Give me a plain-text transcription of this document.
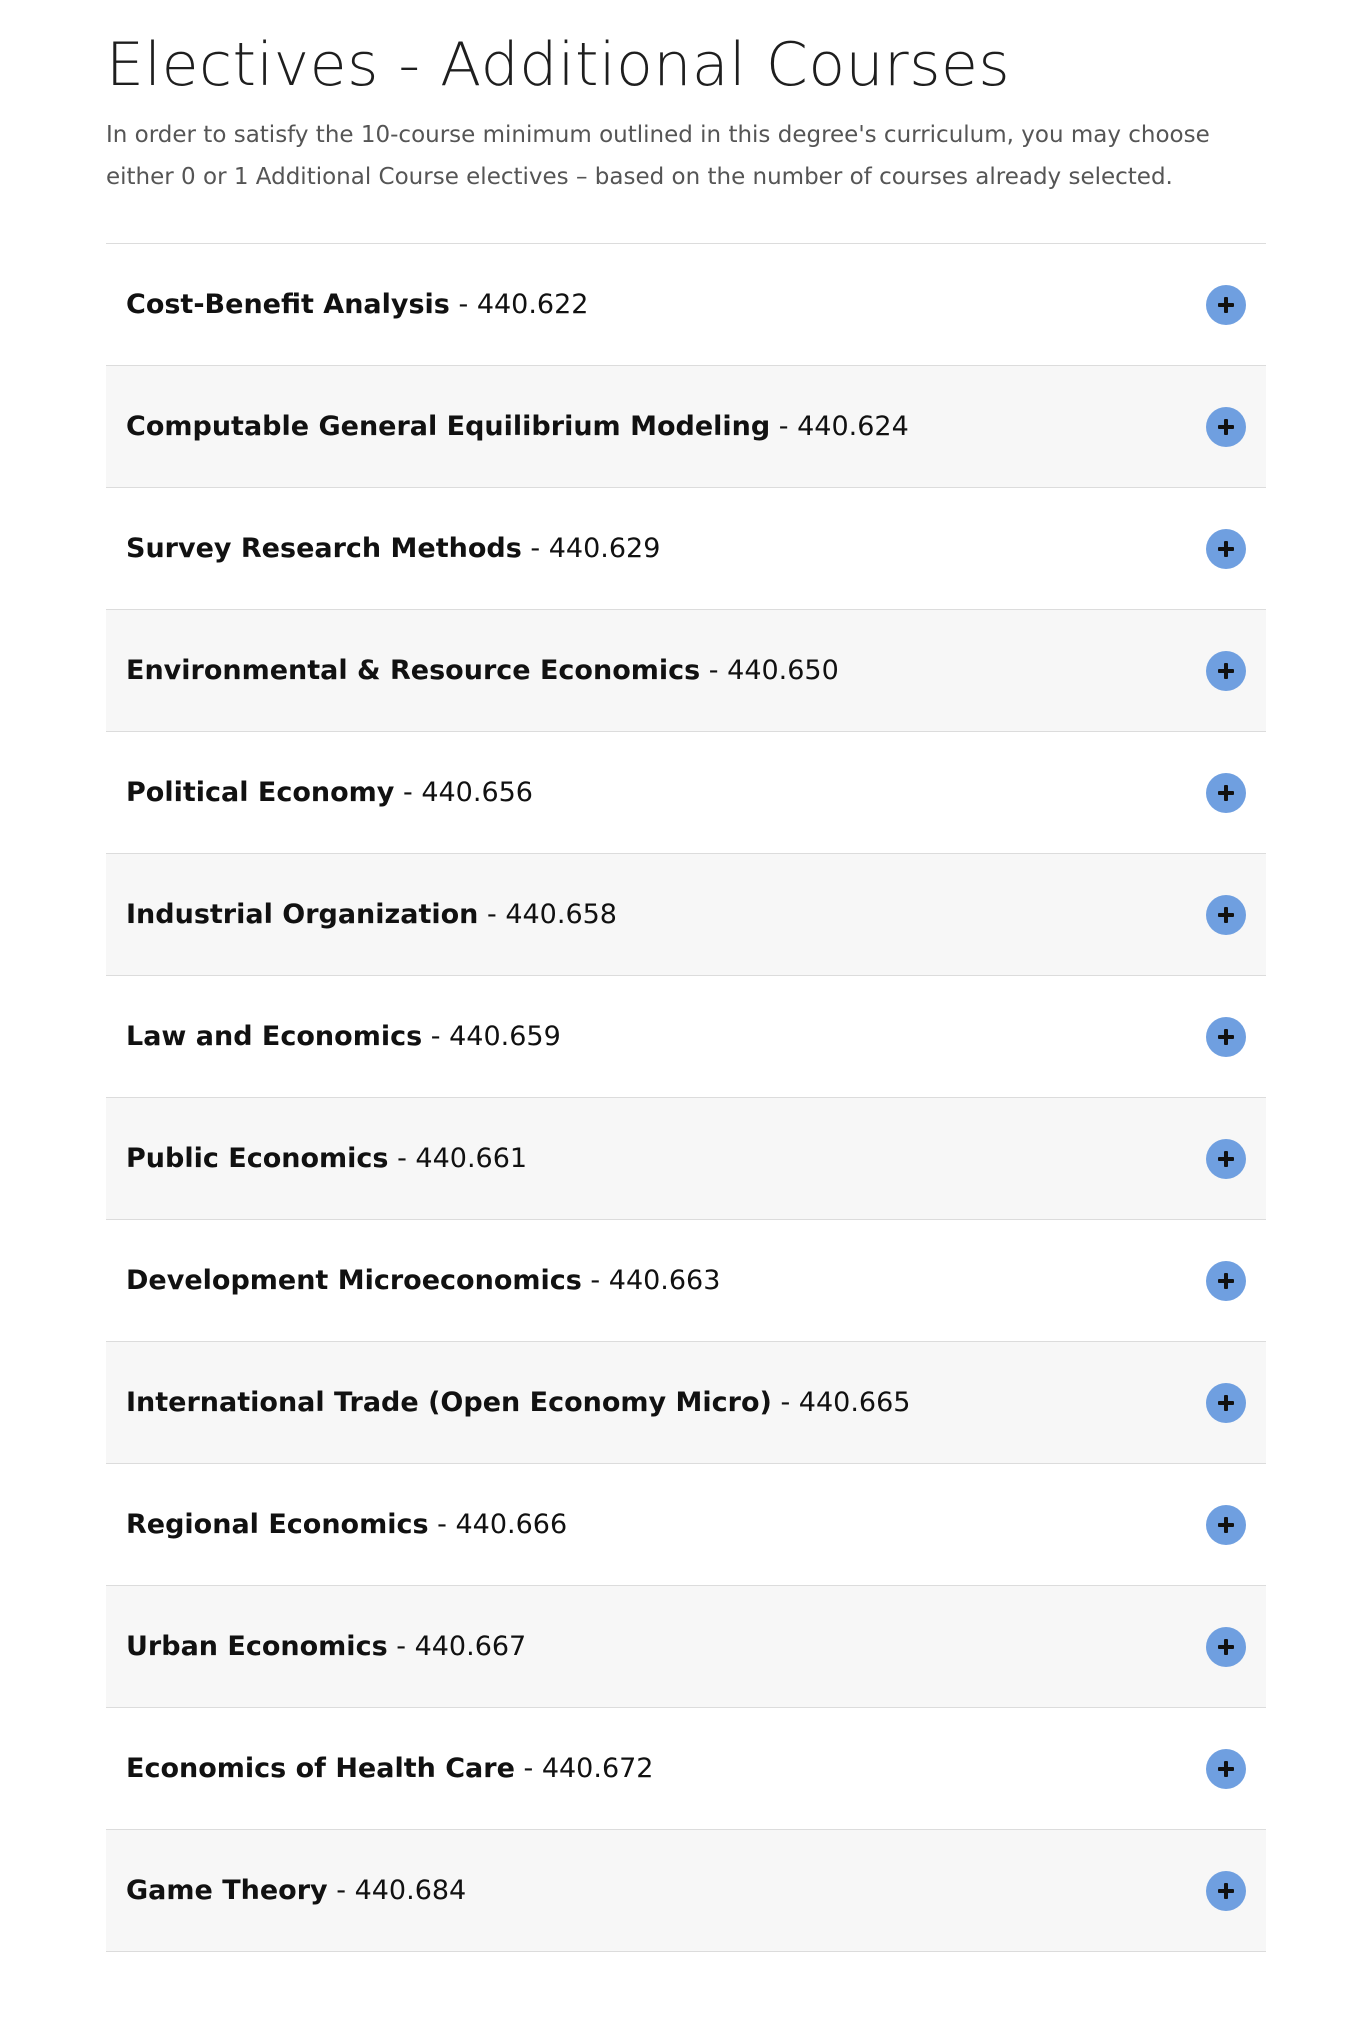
Electives - Additional Courses

In order to satisfy the 10-course minimum outlined in this degree's curriculum, you may choose either 0 or 1 Additional Course electives – based on the number of courses already selected.

Cost-Benefit Analysis - 440.622
Computable General Equilibrium Modeling - 440.624
Survey Research Methods - 440.629
Environmental & Resource Economics - 440.650
Political Economy - 440.656
Industrial Organization - 440.658
Law and Economics - 440.659
Public Economics - 440.661
Development Microeconomics - 440.663
International Trade (Open Economy Micro) - 440.665
Regional Economics - 440.666
Urban Economics - 440.667
Economics of Health Care - 440.672
Game Theory - 440.684
